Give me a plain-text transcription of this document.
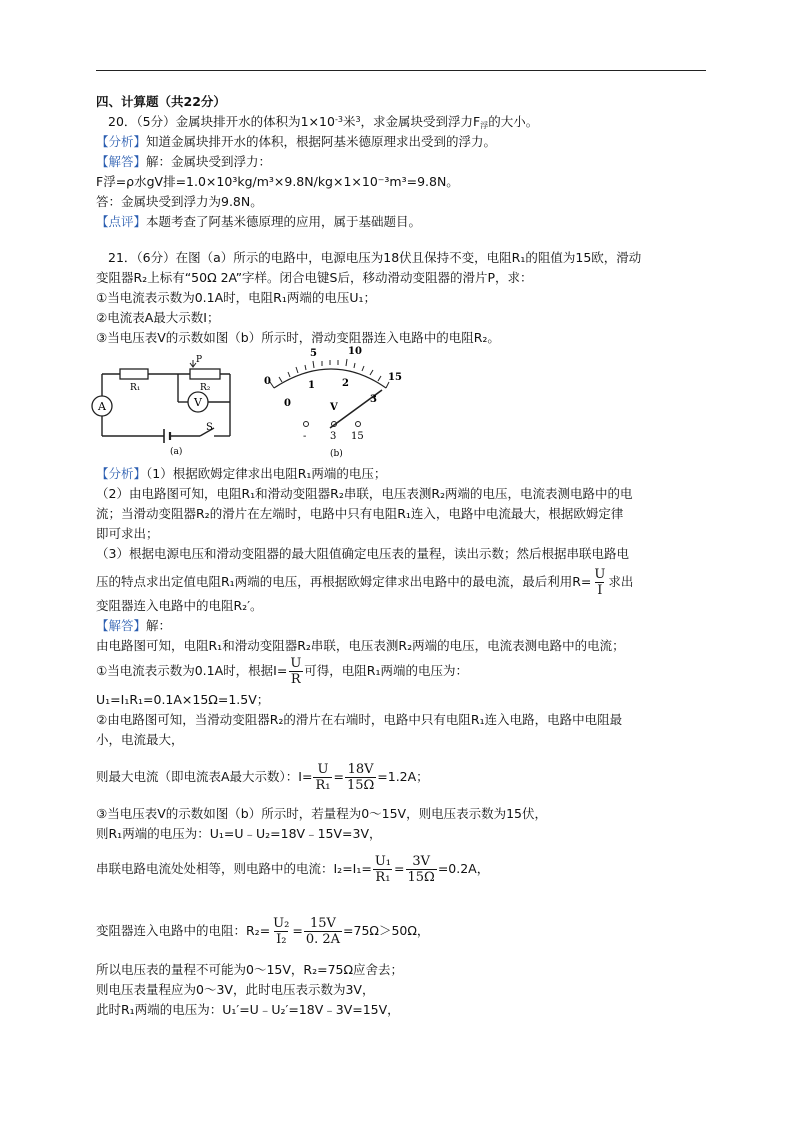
四、计算题（共22分）
20．（5分）金属块排开水的体积为$1\times 10^{-3}$米$^3$，求金属块受到浮力$F_浮$的大小。
【分析】知道金属块排开水的体积，根据阿基米德原理求出受到的浮力。
【解答】解：金属块受到浮力：
F浮=ρ水gV排=1.0×10³kg/m³×9.8N/kg×1×10⁻³m³=9.8N。
答：金属块受到浮力为9.8N。
【点评】本题考查了阿基米德原理的应用，属于基础题目。
21．（6分）在图（a）所示的电路中，电源电压为18伏且保持不变，电阻R₁的阻值为15欧，滑动
变阻器R₂上标有“50Ω 2A”字样。闭合电键S后，移动滑动变阻器的滑片P，求：
①当电流表示数为0.1A时，电阻R₁两端的电压U₁；
②电流表A最大示数I；
③当电压表V的示数如图（b）所示时，滑动变阻器连入电路中的电阻R₂。
A	V
R₁	R₂
P
S
(a)
0
5	10
15
0
1	2
3
V
- 3 15
(b)
【分析】（1）根据欧姆定律求出电阻R₁两端的电压；
（2）由电路图可知，电阻R₁和滑动变阻器R₂串联，电压表测R₂两端的电压，电流表测电路中的电
流；当滑动变阻器R₂的滑片在左端时，电路中只有电阻R₁连入，电路中电流最大，根据欧姆定律
即可求出；
（3）根据电源电压和滑动变阻器的最大阻值确定电压表的量程，读出示数；然后根据串联电路电
压的特点求出定值电阻R₁两端的电压，再根据欧姆定律求出电路中的最电流，最后利用$R= \frac{U}{I}$ 求出
变阻器连入电路中的电阻R₂′。
【解答】解：
由电路图可知，电阻R₁和滑动变阻器R₂串联，电压表测R₂两端的电压，电流表测电路中的电流；
①当电流表示数为0.1A时，根据$I= \frac{U}{R}$ 可得，电阻R₁两端的电压为：
U₁=I₁R₁=0.1A×15Ω=1.5V；
②由电路图可知，当滑动变阻器R₂的滑片在右端时，电路中只有电阻R₁连入电路，电路中电阻最
小，电流最大，
则最大电流（即电流表A最大示数）：$I= \frac{U}{\text{R₁}} = \frac{18V}{15\Omega} =1.2A$；
③当电压表V的示数如图（b）所示时，若量程为0～15V，则电压表示数为15伏，
则R₁两端的电压为：U₁=U﹣U₂=18V﹣15V=3V，
串联电路电流处处相等，则电路中的电流：$I_2=I_1= \frac{\text{U₁}}{\text{R₁}} = \frac{3V}{15\Omega} =0.2A$，
变阻器连入电路中的电阻：$R_2= \frac{\text{U₂}}{\text{I₂}} = \frac{15V}{0. 2A} =75\Omega>50\Omega$，
所以电压表的量程不可能为0～15V，R₂=75Ω应舍去；
则电压表量程应为0～3V，此时电压表示数为3V，
此时R₁两端的电压为：U₁′=U﹣U₂′=18V﹣3V=15V，
